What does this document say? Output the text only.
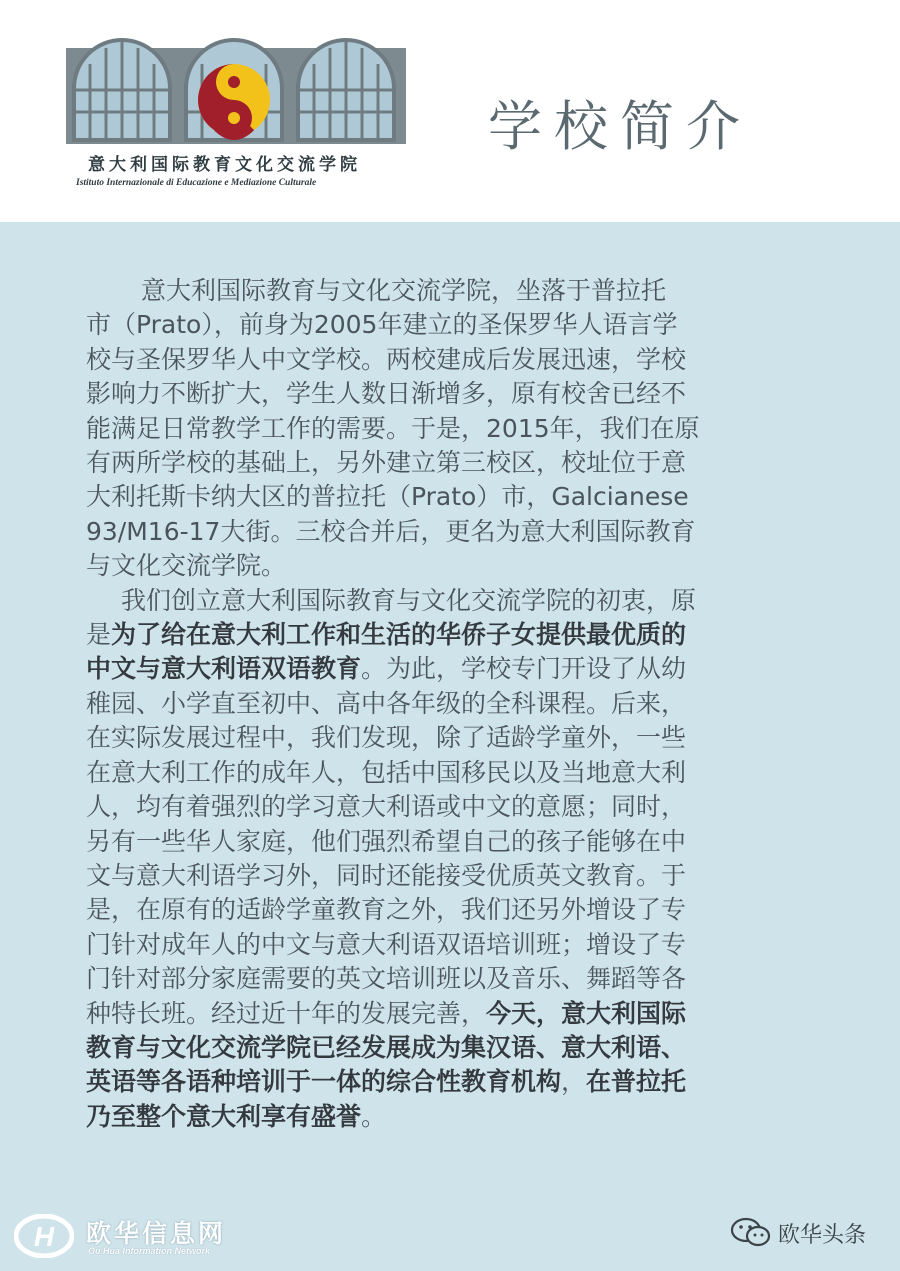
意大利国际教育文化交流学院
Istituto Internazionale di Educazione e Mediazione Culturale
学校简介

意大利国际教育与文化交流学院，坐落于普拉托
市（Prato），前身为2005年建立的圣保罗华人语言学
校与圣保罗华人中文学校。两校建成后发展迅速，学校
影响力不断扩大，学生人数日渐增多，原有校舍已经不
能满足日常教学工作的需要。于是，2015年，我们在原
有两所学校的基础上，另外建立第三校区，校址位于意
大利托斯卡纳大区的普拉托（Prato）市，Galcianese
93/M16-17大街。三校合并后，更名为意大利国际教育
与文化交流学院。

我们创立意大利国际教育与文化交流学院的初衷，原
是为了给在意大利工作和生活的华侨子女提供最优质的
中文与意大利语双语教育。为此，学校专门开设了从幼
稚园、小学直至初中、高中各年级的全科课程。后来，
在实际发展过程中，我们发现，除了适龄学童外，一些
在意大利工作的成年人，包括中国移民以及当地意大利
人，均有着强烈的学习意大利语或中文的意愿；同时，
另有一些华人家庭，他们强烈希望自己的孩子能够在中
文与意大利语学习外，同时还能接受优质英文教育。于
是，在原有的适龄学童教育之外，我们还另外增设了专
门针对成年人的中文与意大利语双语培训班；增设了专
门针对部分家庭需要的英文培训班以及音乐、舞蹈等各
种特长班。经过近十年的发展完善，今天，意大利国际
教育与文化交流学院已经发展成为集汉语、意大利语、
英语等各语种培训于一体的综合性教育机构，在普拉托
乃至整个意大利享有盛誉。

H 欧华信息网
Ou Hua Information Network
欧华头条
